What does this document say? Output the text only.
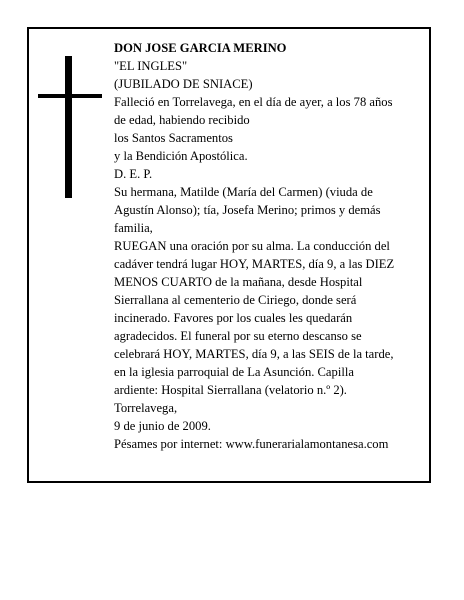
DON JOSE GARCIA MERINO
"EL INGLES"
(JUBILADO DE SNIACE)
Falleció en Torrelavega, en el día de ayer, a los 78 años
de edad, habiendo recibido
los Santos Sacramentos
y la Bendición Apostólica.
D. E. P.
Su hermana, Matilde (María del Carmen) (viuda de
Agustín Alonso); tía, Josefa Merino; primos y demás
familia,
RUEGAN una oración por su alma. La conducción del
cadáver tendrá lugar HOY, MARTES, día 9, a las DIEZ
MENOS CUARTO de la mañana, desde Hospital
Sierrallana al cementerio de Ciriego, donde será
incinerado. Favores por los cuales les quedarán
agradecidos. El funeral por su eterno descanso se
celebrará HOY, MARTES, día 9, a las SEIS de la tarde,
en la iglesia parroquial de La Asunción. Capilla
ardiente: Hospital Sierrallana (velatorio n.º 2).
Torrelavega,
9 de junio de 2009.
Pésames por internet: www.funerarialamontanesa.com
